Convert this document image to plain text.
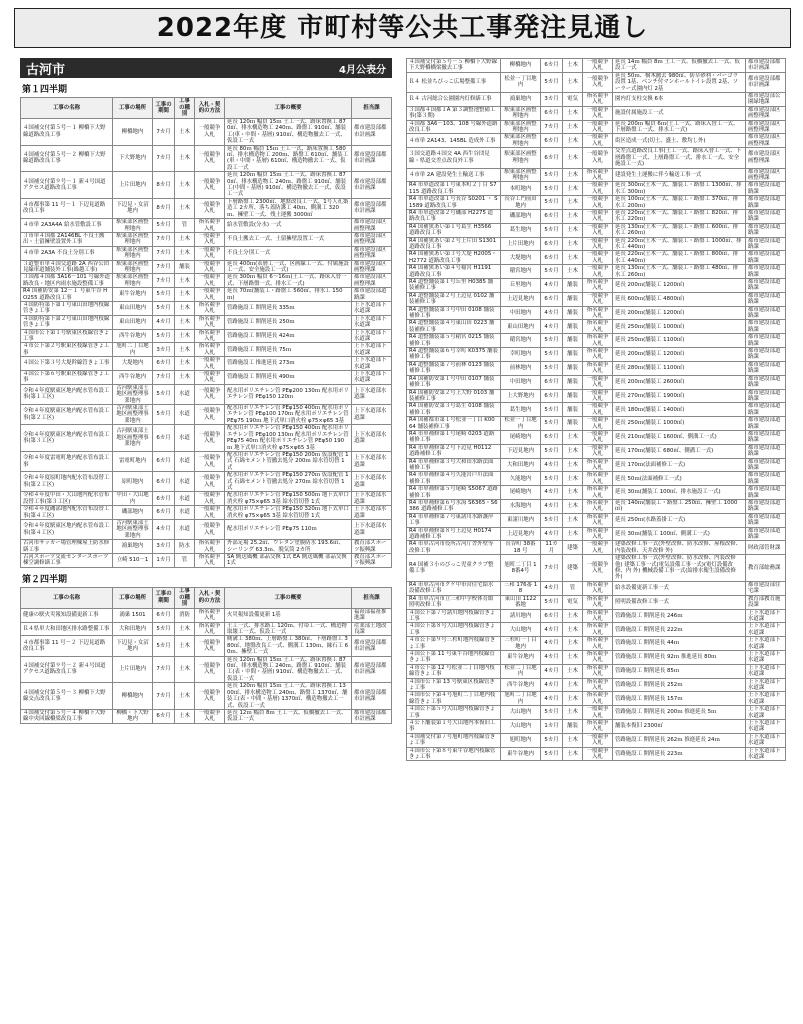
2022年度 市町村等公共工事発注見通し
古河市	4月公表分
第１四半期
工事の名称	工事の場所	工事の期間	工事の種別	入札・契約の方法	工事の概要	担当課
４国補交付第５号－１ 柳橋下大野線道路改良工事	柳橋地内	7カ月	土木	一般競争入札	延長 120ｍ 幅員 15ｍ 土工一式、路床置換工 870㎡、排水構造物工 240ｍ、路盤工 910㎡、舗装工(車・中間・基層) 910㎡、構造物撤去工一式、仮設工一式	都市建設部都市計画課
４国補交付第５号－２ 柳橋下大野線道路改良工事	下大野地内	7カ月	土木	一般競争入札	延長 80ｍ 幅員 15ｍ 土工一式、路床置換工 580㎡、排水構造物工 200ｍ、路盤工 610㎡、舗装工(車・中間・基層) 610㎡、構造物撤去工一式、仮設工一式	都市建設部都市計画課
４国補交付第９号－１ 新４号国道アクセス道路改良工事	上片田地内	8カ月	土木	一般競争入札	延長 120ｍ 幅員 15ｍ 土工一式、路床置換工 870㎡、排水構造物工 240ｍ、路盤工 910㎡、舗装工(中間・基層) 910㎡、構造物撤去工一式、仮設工一式	都市建設部都市計画課
４市都事第 11 号－１ 下辺見道路改良工事	下辺見・女沼地内	8カ月	土木	一般競争入札	下層路盤工 2300㎡、地盤改良工一式、1号人孔築造工 2カ所、落ち蓋防護工 40ｍ、側溝工 320ｍ、擁壁工一式、残土運搬 3000㎥	都市建設部都市計画課
４市単 2A3A4A 給水管敷設工事	駅東部区画整理地内	5カ月	管	指名競争入札	給水管敷設(分水) 一式	都市建設部区画整理課
３市単４国都 2A146BL 不良土搬出・土留擁壁設置外工事	駅東部区画整理地内	7カ月	土木	一般競争入札	不良土搬去工一式、土留擁壁設置工一式	都市建設部区画整理課
４市単 2A3A 不良土分別工事	駅東部区画整理地内	7カ月	土木	一般競争入札	不良土分別工一式	都市建設部区画整理課
３道整市単４国交道路 2A 西谷公団見線車道舗装外工事(繰越工事)	駅東部区画整理地内	7カ月	舗装	一般競争入札	延長 400ｍ(表層工一式、区画線工一式、付属施設工一式、安全施設工一式)	都市建設部区画整理課
３国都４国都 3A16－101 号線外道路改良・地区内雨水施設整備工事	駅東部区画整理地内	7カ月	土木	一般競争入札	延長 300ｍ 幅員 6～16ｍ(土工一式、路床入替一式、下層路盤一式、排水工一式)	都市建設部区画整理課
R4 国補防安第 12－１ 号東牛谷 HO255 道路改良工事	東牛谷地内	5カ月	土木	一般競争入札	延長 70ｍ(舗装工・路盤工 560㎡、排水工 150ｍ)	都市建設部道路課
４国防特第下第１号東山田地内枝線管きょ工事	東山田地内	5カ月	土木	指名競争入札	管路施設工 開削延長 335ｍ	上下水道部下水道課
４国防特第下第２号東山田地内枝線管きょ工事	東山田地内	4カ月	土木	指名競争入札	管路施設工 開削延長 250ｍ	上下水道部下水道課
４国市公下第１号駅東区枝線管きょ工事	西牛谷地内	5カ月	土木	指名競争入札	管路施設工 開削延長 424ｍ	上下水道部下水道課
４市公下第２号駅東区枝線管きょ工事	旭町二丁目地内	3カ月	土木	指名競争入札	管路施設工 開削延長 75ｍ	上下水道部下水道課
４国公下第３号大堤幹線管きょ工事	大堤地内	6カ月	土木	一般競争入札	管路施設工 推進延長 273ｍ	上下水道部下水道課
４国公下第６号駅東区枝線管きょ工事	西牛谷地内	7カ月	土木	一般競争入札	管路施設工 開削延長 490ｍ	上下水道部下水道課
令和４年度駅東区地内配水管布設工事(第１工区)	古河駅東部土地区画整理事業地内	5カ月	水道	一般競争入札	配水用ポリエチレン管 PEφ200 130ｍ 配水用ポリエチレン管 PEφ150 120ｍ	上下水道部水道課
令和４年度駅東区地内配水管布設工事(第２工区)	古河駅東部土地区画整理事業地内	5カ月	水道	一般競争入札	配水用ポリエチレン管 PEφ150 400ｍ 配水用ポリエチレン管 PEφ100 170ｍ 配水用ポリエチレン管 PEφ75 190ｍ 地下式単口消火栓 φ75×φ65 3基	上下水道部水道課
令和４年度駅東区地内配水管布設工事(第３工区)	古河駅東部土地区画整理事業地内	6カ月	水道	一般競争入札	配水用ポリエチレン管 PEφ150 400ｍ 配水用ポリエチレン管 PEφ100 130ｍ 配水用ポリエチレン管 PEφ75 40ｍ 配水用ポリエチレン管 PEφ50 190ｍ 地下式単口消火栓 φ75×φ65 3基	上下水道部水道課
令和４年度雷電町地内配水管布設工事	雷電町地内	6カ月	水道	一般競争入札	配水用ポリエチレン管 PEφ150 200ｍ 仮設配管 1式 石綿セメント管撤去処分 200ｍ 給水管切替 1式	上下水道部水道課
令和４年度原町地内配水管布設替工事(第２工区)	原町地内	6カ月	水道	一般競争入札	配水用ポリエチレン管 PEφ150 270ｍ 仮設配管 1式 石綿セメント管撤去処分 270ｍ 給水管切替 1式	上下水道部水道課
令和４年度中田・大山地内配水管布設替工事(第３工区)	中田・大山地内	6カ月	水道	一般競争入札	配水用ポリエチレン管 PEφ150 500ｍ 地下式単口消火栓 φ75×φ65 3基 給水管切替 1式	上下水道部水道課
令和４年度磯部地内配水管布設替工事(第４工区)	磯部地内	6カ月	水道	一般競争入札	配水用ポリエチレン管 PEφ150 320ｍ 地下式単口消火栓 φ75×φ65 3基 給水管切替 1式	上下水道部水道課
令和４年度駅東区地内配水管布設工事(第４工区)	古河駅東部土地区画整理事業地内	4カ月	水道	一般競争入札	配水用ポリエチレン管 PEφ75 110ｍ	上下水道部水道課
古河市サッカー場管理棟屋上防水修繕工事	鴻巣地内	3カ月	防水	指名競争入札	外部足場 25.2㎡、ウレタン塗膜防水 193.6㎡、シーリング 63.3ｍ、脱気筒 2カ所	教育部スポーツ振興課
古河スポーツ交流センタースポーツ棟空調修繕工事	立崎 510－1	1カ月	管	指名競争入札	SA 側送風機 部品交換 1式 EA 側送風機 部品交換 1式	教育部スポーツ振興課
第２四半期
工事の名称	工事の場所	工事の期間	工事の種別	入札・契約の方法	工事の概要	担当課
健康の駅火災報知設備更新工事	鴻巣 1501	6カ月	消防	指名競争入札	火災報知設備更新 1基	福祉部福祉推進課
Ｒ４県単大和田地区排水路整備工事	大和田地内	5カ月	土木	指名競争入札	土工一式、排水路工 120ｍ、付帯工一式、構造物取壊工一式、仮設工一式	産業部土地改良課
４市都事第 11 号－２ 下辺見道路改良工事	下辺見・女沼地内	5カ月	土木	一般競争入札	側溝工 380ｍ、上層路盤工 380㎡、下層路盤工 380㎡、地盤改良工一式、側溝工 130ｍ、縁石工 60ｍ、擁壁工一式	都市建設部都市計画課
４国補交付第９号－２ 新４号国道アクセス道路改良工事	上片田地内	7カ月	土木	一般競争入札	延長 120ｍ 幅員 15ｍ 土工一式、路床置換工 870㎡、排水構造物工 240ｍ、路盤工 910㎡、舗装工(表・中間・基層) 910㎡、構造物撤去工一式、仮設工一式	都市建設部都市計画課
４国補交付第５号－３ 柳橋下大野線交点改良工事	柳橋地内	7カ月	土木	一般競争入札	延長 120ｍ 幅員 15ｍ 土工一式、路床置換工 1300㎡、排水構造物工 240ｍ、路盤工 1370㎡、舗装工(表・中間・基層) 1370㎡、構造物撤去工一式、仮設工一式	都市建設部都市計画課
４国補交付第５号－４ 柳橋下大野線中央回線橋梁改良工事	柳橋・下大野 地内	6カ月	土木	一般競争入札	延長 12ｍ 幅員 8ｍ 土工一式、仮橋撤去工一式、仮設工一式	都市建設部都市計画課
４国補交付第５号－５ 柳橋下大野線下大野橋橋梁撤去工事	柳橋地内	6カ月	土木	一般競争入札	延長 14ｍ 幅員 8ｍ 土工一式、仮橋撤去工一式、仮設工一式	都市建設部都市計画課
Ｒ４ 松並ちびっこ広場整備工事	松並一丁目地内	5カ月	土木	一般競争入札	延長 50ｍ、樹木撤去 980㎡、防草砂利・バーゴラ設置 1基、ベンチ付マンホールトイレ設置 2基、ソーラー式園内灯 2基	都市建設部都市計画課
Ｒ４ 古河総合公園園内灯修繕工事	鴻巣地内	3カ月	電気	指名競争入札	園内灯支柱交換 6本	都市建設部公園緑地課
３国都４国都１A 第３調整池整備工事(第３期)	駅東部区画整理地内	6カ月	土木	一般競争入札	施設付属施設工一式	都市建設部区画整理課
４国都 3A6－103、108 号線外道路改良工事	駅東部区画整理地内	7カ月	土木	一般競争入札	延長 200ｍ 幅員 6ｍ(土工一式、路床入替工一式、下層路盤工一式、排水工一式)	都市建設部区画整理課
４市単 2A143、145BL 造成外工事	駅東部区画整理地内	6カ月	土木	一般競争入札	街区造成一式(切土、盛土、敷均し外)	都市建設部区画整理課
３国交道路４国交 4A 西牛谷団見線・県道交差点改良外工事	駅東部区画整理地内	6カ月	土木	一般競争入札	交差点道路改良工事(土工一式、路床入替工一式、下層路盤工一式、上層路盤工一式、排水工一式、安全施設工一式)	都市建設部区画整理課
４市単 2A 建設発生土輸送工事	駅東部区画整理地内	5カ月	土木	指名競争入札	建設発生土運搬に伴う輸送工事一式	都市建設部区画整理課
R4 市単道改第１号東本町２丁目 S7115 道路改良工事	本町地内	5カ月	土木	一般競争入札	延長 300ｍ(土木一式、舗装工・路盤工 1300㎡、排水工 300ｍ)	都市建設部道路課
R4 市単道改第１号長谷 S0201 ・ S1589 道路改良工事	長谷工門前田地内	5カ月	土木	一般競争入札	延長 100ｍ(土木一式、舗装工・路盤工 370㎡、排水工 200ｍ)	都市建設部道路課
R4 市単道改第２号磯部 H2275 道路改良工事	磯部地内	6カ月	土木	一般競争入札	延長 220ｍ(土木一式、舗装工・路盤工 820㎡、排水工 220ｍ)	都市建設部道路課
R4 国補狭あい第１号葛生 H3566 道路改良工事	葛生地内	5カ月	土木	一般競争入札	延長 130ｍ(土木一式、舗装工・路盤工 600㎡、排水工 260ｍ)	都市建設部道路課
R4 国補狭あい第２号上片田 S1301 道路改良工事	上片田地内	6カ月	土木	一般競争入札	延長 220ｍ(土木一式、舗装工・路盤工 1000㎡、排水工 440ｍ)	都市建設部道路課
R4 国補狭あい第３号大堤 H2005・H2772 道路改良工事	大堤地内	6カ月	土木	一般競争入札	延長 220ｍ(土木一式、舗装工・路盤工 800㎡、排水工 440ｍ)	都市建設部道路課
R4 国補狭あい第４号稲宮 H1191 道路改良工事	稲宮地内	5カ月	土木	一般競争入札	延長 130ｍ(土木一式、舗装工・路盤工 480㎡、排水工 260ｍ)	都市建設部道路課
R4 道整舗装第１号丘里 H0385 舗装補修工事	丘里地内	4カ月	舗装	指名競争入札	延長 200ｍ(舗装工 1200㎡)	都市建設部道路課
R4 道整舗装第２号上辺見 0102 舗装補修工事	上辺見地内	6カ月	舗装	一般競争入札	延長 600ｍ(舗装工 4800㎡)	都市建設部道路課
R4 道整舗装第３号中田 0108 舗装補修工事	中田地内	4カ月	舗装	指名競争入札	延長 200ｍ(舗装工 1200㎡)	都市建設部道路課
R4 道整舗装第４号東山田 0223 舗装補修工事	東山田地内	4カ月	舗装	指名競争入札	延長 250ｍ(舗装工 1000㎡)	都市建設部道路課
R4 道整舗装第５号稲宮 0215 舗装補修工事	稲宮地内	5カ月	舗装	指名競争入札	延長 250ｍ(舗装工 1100㎡)	都市建設部道路課
R4 道整舗装第６号幸町 K0375 舗装補修工事	幸町地内	5カ月	舗装	指名競争入札	延長 200ｍ(舗装工 1200㎡)	都市建設部道路課
R4 道整舗装第７号前林 0123 舗装補修工事	前林地内	5カ月	舗装	指名競争入札	延長 280ｍ(舗装工 1100㎡)	都市建設部道路課
R4 国補防安第１号中田 0107 舗装補修工事	中田地内	6カ月	舗装	一般競争入札	延長 200ｍ(舗装工 2600㎡)	都市建設部道路課
R4 国補防安第２号上大野 0103 舗装補修工事	上大野地内	6カ月	舗装	一般競争入札	延長 270ｍ(舗装工 1900㎡)	都市建設部道路課
R4 国補防安第３号葛生 0108 舗装補修工事	葛生地内	5カ月	舗装	一般競争入札	延長 180ｍ(舗装工 1400㎡)	都市建設部道路課
R4 国補都市第１号松並一丁目 K0064 舗装補修工事	松並一丁目地内	5カ月	舗装	一般競争入札	延長 250ｍ(舗装工 1000㎡)	都市建設部道路課
R4 市単補修第１号尾崎 0203 道路補修工事	尾崎地内	6カ月	土木	一般競争入札	延長 210ｍ(舗装工 1600㎡、側溝工一式)	都市建設部道路課
R4 市単補修第２号下辺見 H0112 道路補修工事	下辺見地内	5カ月	土木	一般競争入札	延長 170ｍ(舗装工 680㎡、側溝工一式)	都市建設部道路課
R4 市単補修第３号大和田水路法面補修工事	大和田地内	4カ月	土木	指名競争入札	延長 170ｍ(法面補修工一式)	都市建設部道路課
R4 市単補修第４号久能宮戸川法面補修工事	久能地内	5カ月	土木	指名競争入札	延長 50ｍ(法面補修工一式)	都市建設部道路課
R4 市単補修第５号尾崎 S5067 道路補修工事	尾崎地内	4カ月	土木	指名競争入札	延長 30ｍ(舗装工 100㎡、排水施設工一式)	都市建設部道路課
R4 市単補修第６号水海 S6365・S6386 道路補修工事	水海地内	4カ月	土木	指名競争入札	延長 140ｍ(舗装工・路盤工 250㎡、擁壁工 1000㎡)	都市建設部道路課
R4 市単補修第７号東諸川水路護岸工事	東諸川地内	5カ月	土木	指名競争入札	延長 250ｍ(水路蓋掛工一式)	都市建設部道路課
R4 市単補修第８号上辺見 H0174 道路補修工事	上辺見地内	4カ月	土木	指名競争入札	延長 30ｍ(舗装工 100㎡、側溝工一式)	都市建設部道路課
R4 市単古河市役所古河庁舎外壁等改修工事	長谷町 38番 18 号	11カ月	建築	一般競争入札	建築改修工事一式(外壁改修、防水改修、屋根改修、内装改修、天井改修 外)	財政部管財課
R4 国補３小のびっこ児童クラブ整備工事	旭町二丁目 18番4号	7カ月	建築	一般競争入札	建築改修工事一式(外壁改修、防水改修、内装改修 他) 建築工事一式(電気設備工事一式)(電灯設備改修、内 外) 機械設備工事一式(給排水衛生設備改修 外)	教育部総務課
R4 市単古河市クケ中市営住宅給水設備改修工事	三和 176番 18	4カ月	管	指名競争入札	給水設備更新工事一式	都市建設部住宅課
R4 市単古河市立三和中学校体育館照明改修工事	東山田 1122 番地	5カ月	電気	指名競争入札	照明設備改修工事一式	教育部教育施設課
４国公下第７号諸川地内枝線管きょ工事	諸川地内	6カ月	土木	指名競争入札	管路施設工 開削延長 246ｍ	上下水道部下水道課
４国公下第８号大山地内枝線管きょ工事	大山地内	4カ月	土木	指名競争入札	管路施設工 開削延長 222ｍ	上下水道部下水道課
４市公下第９号三杉町地内枝線管きょ工事	三杉町一丁目地内	4カ月	土木	指名競争入札	管路施設工 開削延長 44ｍ	上下水道部下水道課
４国公下第 11 号東牛谷地内枝線管きょ工事	東牛谷地内	4カ月	土木	指名競争入札	管路施設工 開削延長 92ｍ 推進延長 80ｍ	上下水道部下水道課
４市公下第 12 号松並二丁目地内枝線管きょ工事	松並二丁目地内	4カ月	土木	指名競争入札	管路施設工 開削延長 85ｍ	上下水道部下水道課
４国市公下第 13 号駅東区枝線管きょ工事	西牛谷地内	4カ月	土木	指名競争入札	管路施設工 開削延長 252ｍ	上下水道部下水道課
４国市公下第４号旭町二丁目地内枝線管きょ工事	旭町二丁目地内	4カ月	土木	指名競争入札	管路施設工 開削延長 157ｍ	上下水道部下水道課
４国公下第５号大山地内枝線管きょ工事	大山地内	5カ月	土木	一般競争入札	管路施設工 開削延長 200ｍ 推進延長 5ｍ	上下水道部下水道課
４公下舗装第１号大山地内本復旧工事	大山地内	1カ月	舗装	指名競争入札	舗装本復旧 2300㎡	上下水道部下水道課
４国補交付第７号旭町地内枝線管きょ工事	旭町地内	5カ月	土木	一般競争入札	管路施設工 開削延長 262ｍ 推進延長 24ｍ	上下水道部下水道課
４国市公下第８号東牛谷地内枝線管きょ工事	東牛谷地内	5カ月	土木	一般競争入札	管路施設工 開削延長 223ｍ	上下水道部下水道課
